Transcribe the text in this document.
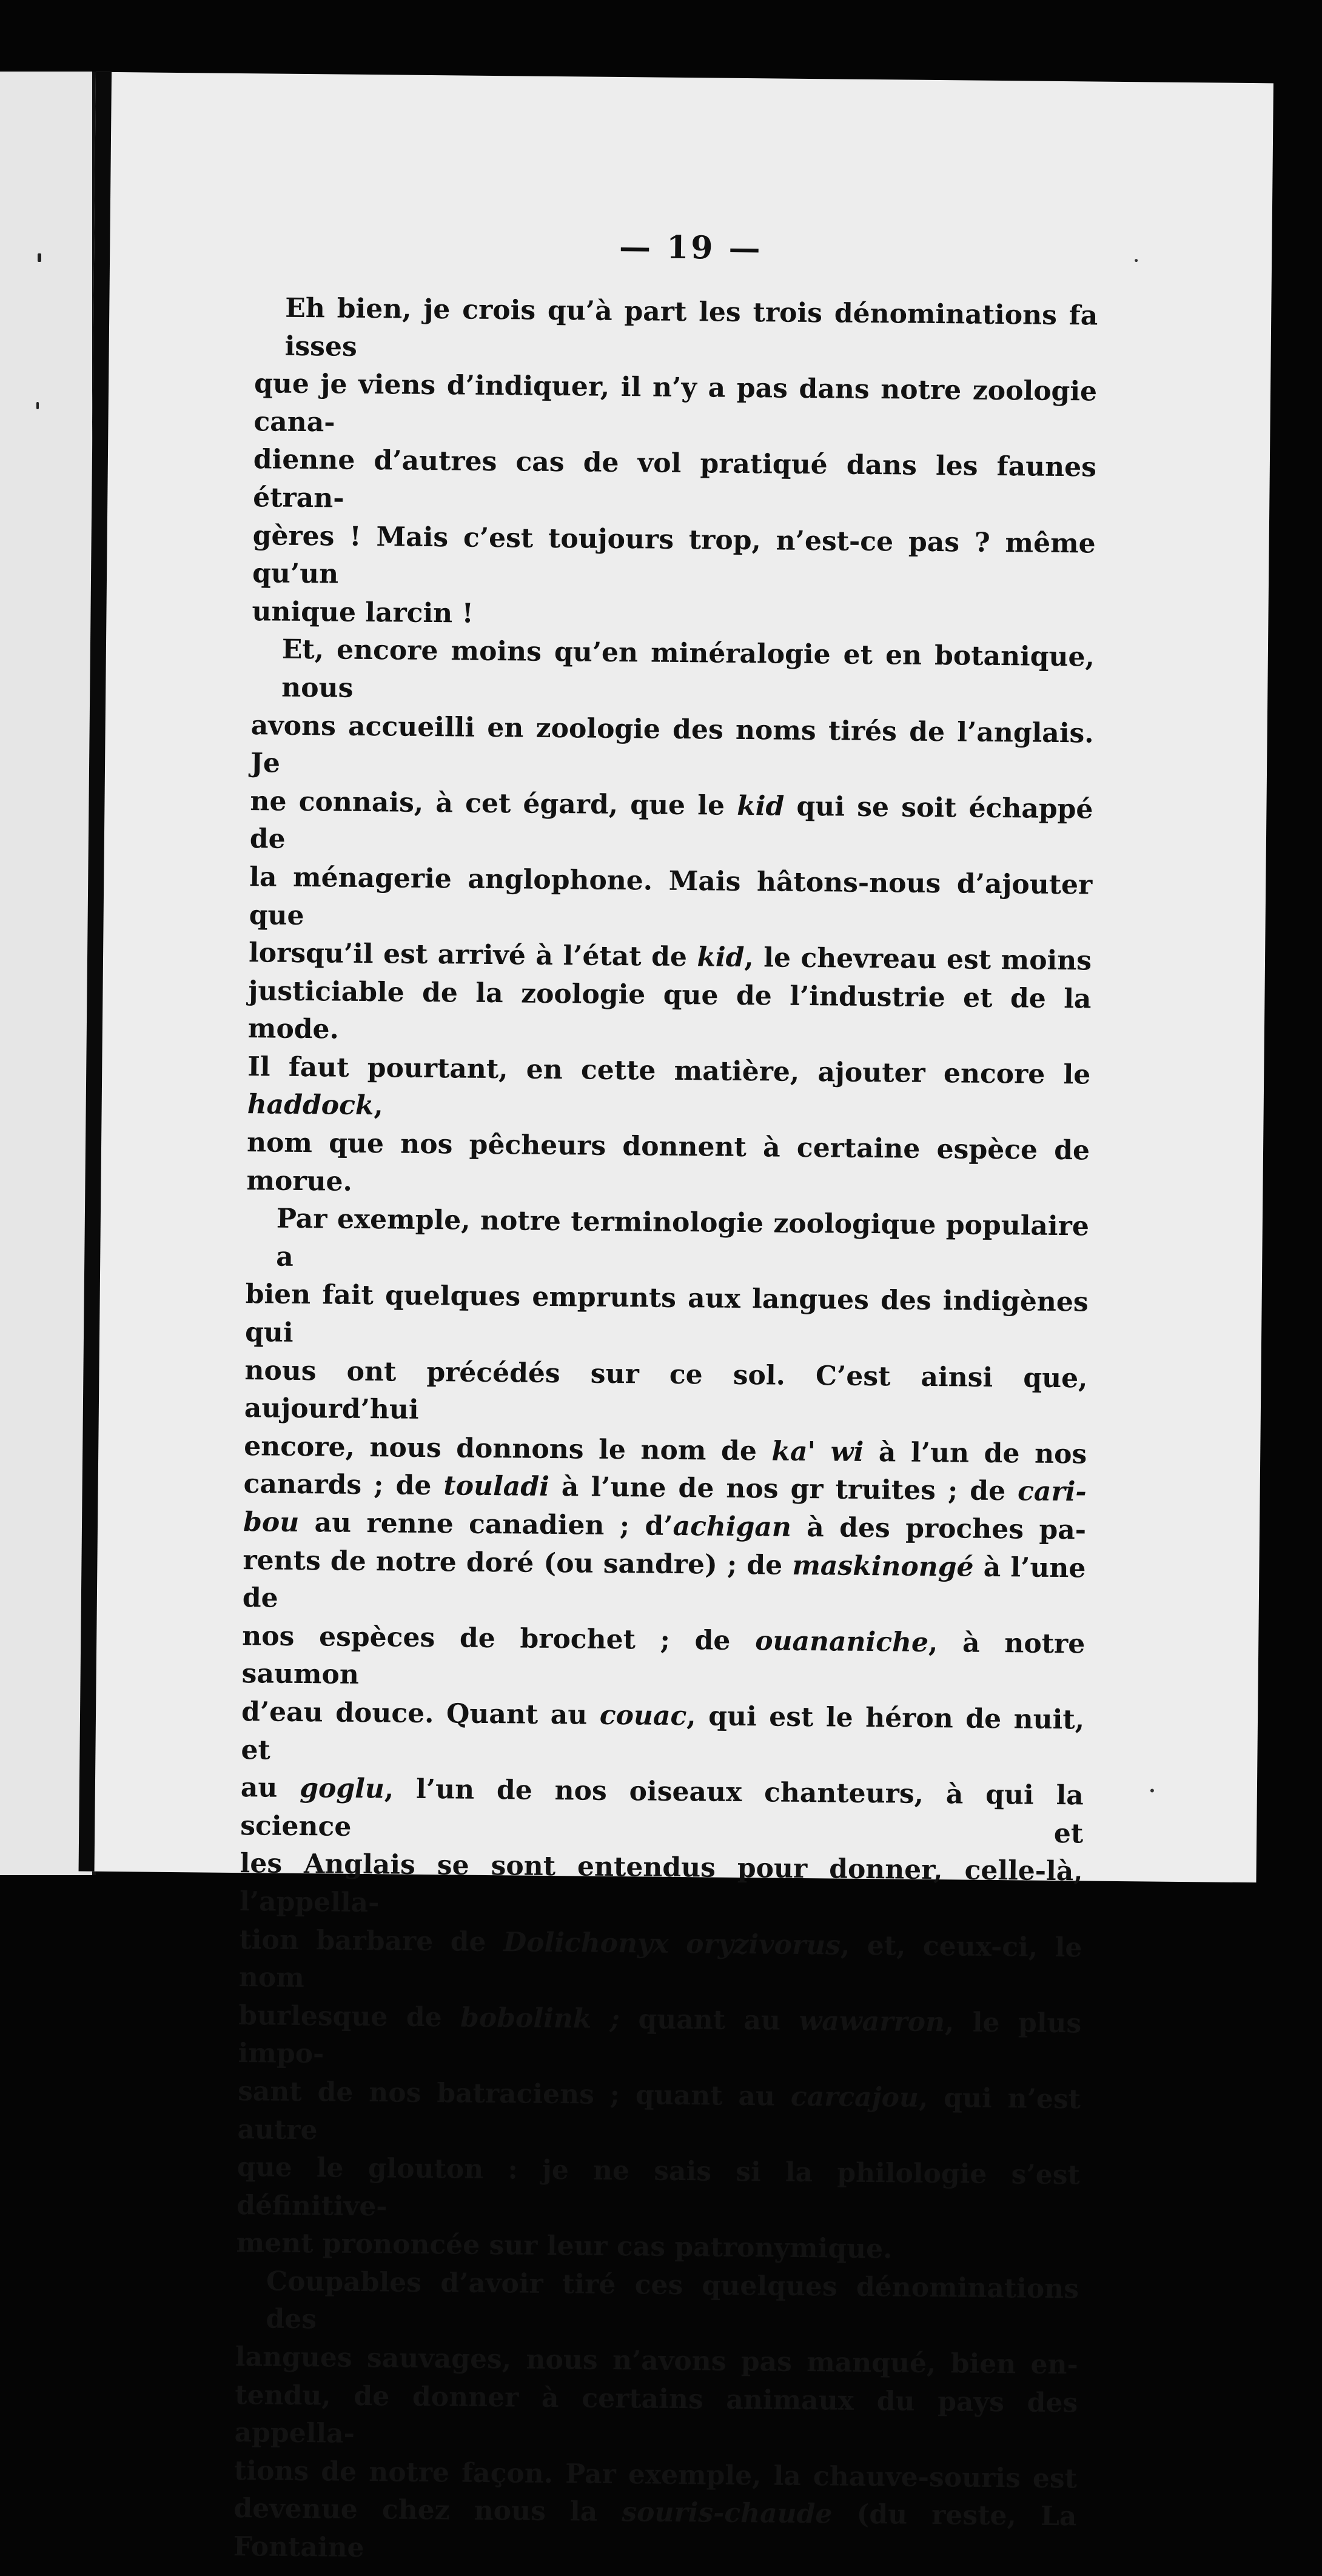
— 19 —

Eh bien, je crois qu’à part les trois dénominations fa isses

que je viens d’indiquer, il n’y a pas dans notre zoologie cana-

dienne d’autres cas de vol pratiqué dans les faunes étran-

gères ! Mais c’est toujours trop, n’est-ce pas ? même qu’un

unique larcin !

Et, encore moins qu’en minéralogie et en botanique, nous

avons accueilli en zoologie des noms tirés de l’anglais. Je

ne connais, à cet égard, que le kid qui se soit échappé de

la ménagerie anglophone. Mais hâtons-nous d’ajouter que

lorsqu’il est arrivé à l’état de kid, le chevreau est moins

justiciable de la zoologie que de l’industrie et de la mode.

Il faut pourtant, en cette matière, ajouter encore le haddock,

nom que nos pêcheurs donnent à certaine espèce de morue.

Par exemple, notre terminologie zoologique populaire a

bien fait quelques emprunts aux langues des indigènes qui

nous ont précédés sur ce sol. C’est ainsi que, aujourd’hui

encore, nous donnons le nom de ka' wi à l’un de nos

canards ; de touladi à l’une de nos gr truites ; de cari-

bou au renne canadien ; d’achigan à des proches pa-

rents de notre doré (ou sandre) ; de maskinongé à l’une de

nos espèces de brochet ; de ouananiche, à notre saumon

d’eau douce. Quant au couac, qui est le héron de nuit, et

au goglu, l’un de nos oiseaux chanteurs, à qui la science et

les Anglais se sont entendus pour donner, celle-là, l’appella-

tion barbare de Dolichonyx oryzivorus, et, ceux-ci, le nom

burlesque de bobolink ; quant au wawarron, le plus impo-

sant de nos batraciens ; quant au carcajou, qui n’est autre

que le glouton : je ne sais si la philologie s’est définitive-

ment prononcée sur leur cas patronymique.

Coupables d’avoir tiré ces quelques dénominations des

langues sauvages, nous n’avons pas manqué, bien en-

tendu, de donner à certains animaux du pays des appella-

tions de notre façon. Par exemple, la chauve-souris est

devenue chez nous la souris-chaude (du reste, La Fontaine
